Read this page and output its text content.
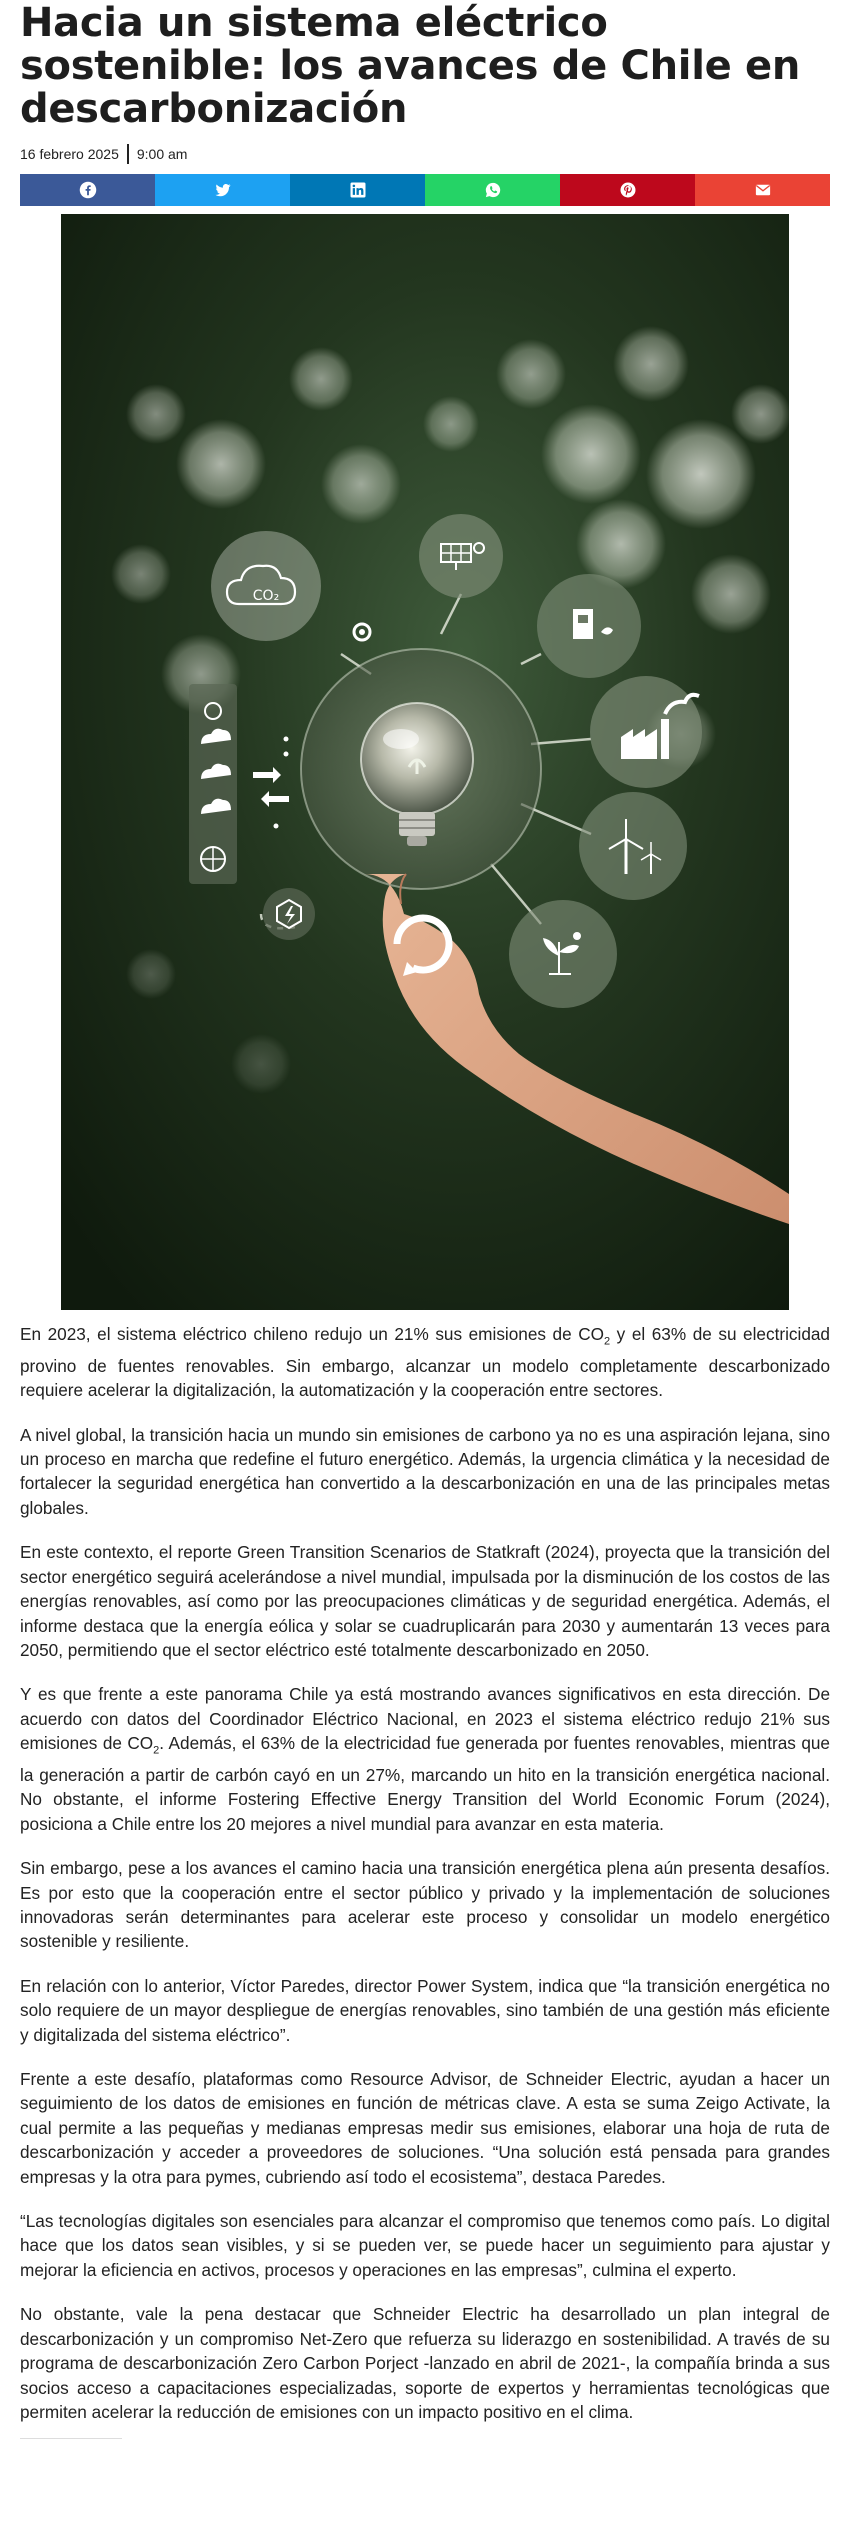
Hacia un sistema eléctrico sostenible: los avances de Chile en descarbonización
16 febrero 2025 9:00 am
CO₂

En 2023, el sistema eléctrico chileno redujo un 21% sus emisiones de $CO_2$ y el 63% de su electricidad provino de fuentes renovables. Sin embargo, alcanzar un modelo completamente descarbonizado requiere acelerar la digitalización, la automatización y la cooperación entre sectores.

A nivel global, la transición hacia un mundo sin emisiones de carbono ya no es una aspiración lejana, sino un proceso en marcha que redefine el futuro energético. Además, la urgencia climática y la necesidad de fortalecer la seguridad energética han convertido a la descarbonización en una de las principales metas globales.

En este contexto, el reporte Green Transition Scenarios de Statkraft (2024), proyecta que la transición del sector energético seguirá acelerándose a nivel mundial, impulsada por la disminución de los costos de las energías renovables, así como por las preocupaciones climáticas y de seguridad energética. Además, el informe destaca que la energía eólica y solar se cuadruplicarán para 2030 y aumentarán 13 veces para 2050, permitiendo que el sector eléctrico esté totalmente descarbonizado en 2050.

Y es que frente a este panorama Chile ya está mostrando avances significativos en esta dirección. De acuerdo con datos del Coordinador Eléctrico Nacional, en 2023 el sistema eléctrico redujo 21% sus emisiones de $CO_2$. Además, el 63% de la electricidad fue generada por fuentes renovables, mientras que la generación a partir de carbón cayó en un 27%, marcando un hito en la transición energética nacional. No obstante, el informe Fostering Effective Energy Transition del World Economic Forum (2024), posiciona a Chile entre los 20 mejores a nivel mundial para avanzar en esta materia.

Sin embargo, pese a los avances el camino hacia una transición energética plena aún presenta desafíos. Es por esto que la cooperación entre el sector público y privado y la implementación de soluciones innovadoras serán determinantes para acelerar este proceso y consolidar un modelo energético sostenible y resiliente.

En relación con lo anterior, Víctor Paredes, director Power System, indica que “la transición energética no solo requiere de un mayor despliegue de energías renovables, sino también de una gestión más eficiente y digitalizada del sistema eléctrico”.

Frente a este desafío, plataformas como Resource Advisor, de Schneider Electric, ayudan a hacer un seguimiento de los datos de emisiones en función de métricas clave. A esta se suma Zeigo Activate, la cual permite a las pequeñas y medianas empresas medir sus emisiones, elaborar una hoja de ruta de descarbonización y acceder a proveedores de soluciones. “Una solución está pensada para grandes empresas y la otra para pymes, cubriendo así todo el ecosistema”, destaca Paredes.

“Las tecnologías digitales son esenciales para alcanzar el compromiso que tenemos como país. Lo digital hace que los datos sean visibles, y si se pueden ver, se puede hacer un seguimiento para ajustar y mejorar la eficiencia en activos, procesos y operaciones en las empresas”, culmina el experto.

No obstante, vale la pena destacar que Schneider Electric ha desarrollado un plan integral de descarbonización y un compromiso Net-Zero que refuerza su liderazgo en sostenibilidad. A través de su programa de descarbonización Zero Carbon Porject -lanzado en abril de 2021-, la compañía brinda a sus socios acceso a capacitaciones especializadas, soporte de expertos y herramientas tecnológicas que permiten acelerar la reducción de emisiones con un impacto positivo en el clima.
